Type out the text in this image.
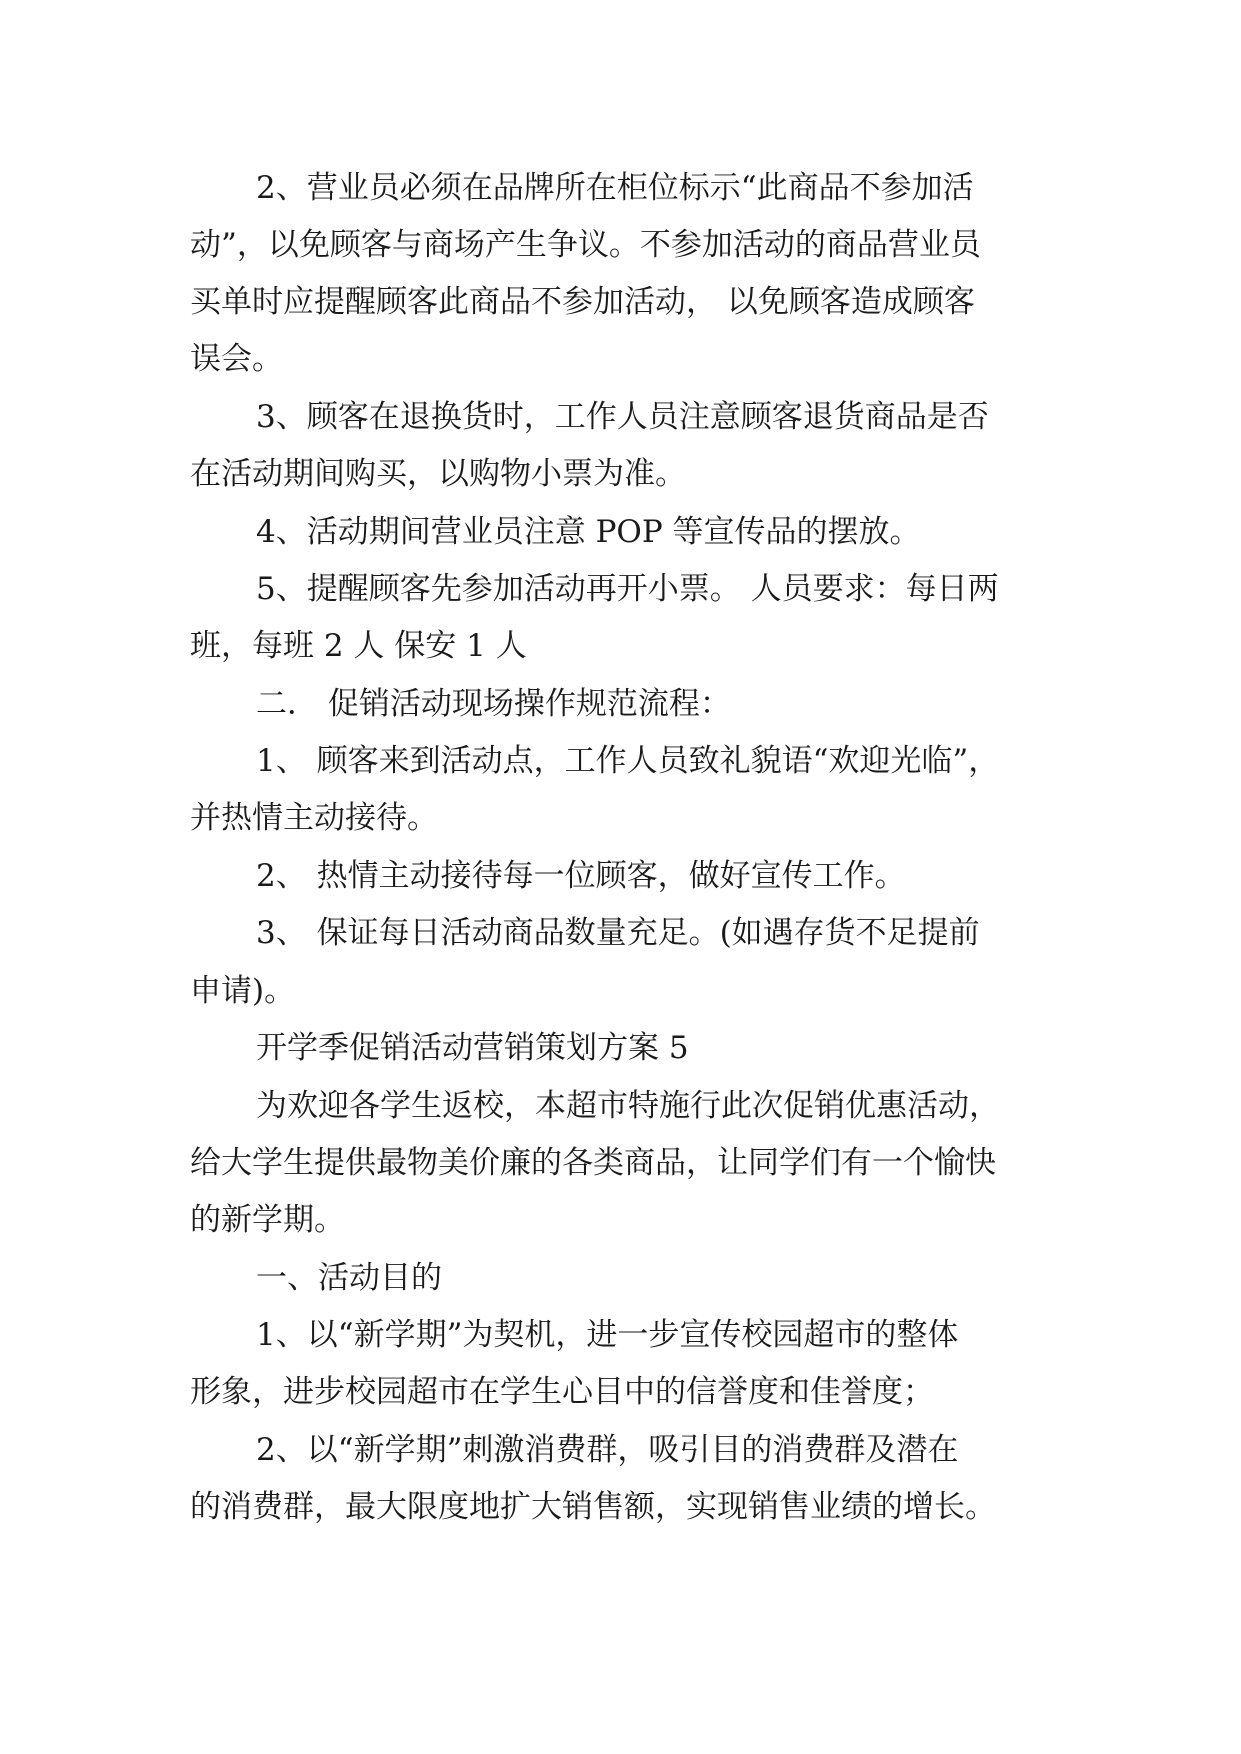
2、营业员必须在品牌所在柜位标示“此商品不参加活
动”，以免顾客与商场产生争议。不参加活动的商品营业员
买单时应提醒顾客此商品不参加活动， 以免顾客造成顾客
误会。
3、顾客在退换货时，工作人员注意顾客退货商品是否
在活动期间购买，以购物小票为准。
4、活动期间营业员注意 POP 等宣传品的摆放。
5、提醒顾客先参加活动再开小票。 人员要求：每日两
班，每班 2 人 保安 1 人
二． 促销活动现场操作规范流程：
1、 顾客来到活动点，工作人员致礼貌语“欢迎光临”，
并热情主动接待。
2、 热情主动接待每一位顾客，做好宣传工作。
3、 保证每日活动商品数量充足。(如遇存货不足提前
申请)。
开学季促销活动营销策划方案 5
为欢迎各学生返校，本超市特施行此次促销优惠活动，
给大学生提供最物美价廉的各类商品，让同学们有一个愉快
的新学期。
一、活动目的
1、以“新学期”为契机，进一步宣传校园超市的整体
形象，进步校园超市在学生心目中的信誉度和佳誉度；
2、以“新学期”刺激消费群，吸引目的消费群及潜在
的消费群，最大限度地扩大销售额，实现销售业绩的增长。
